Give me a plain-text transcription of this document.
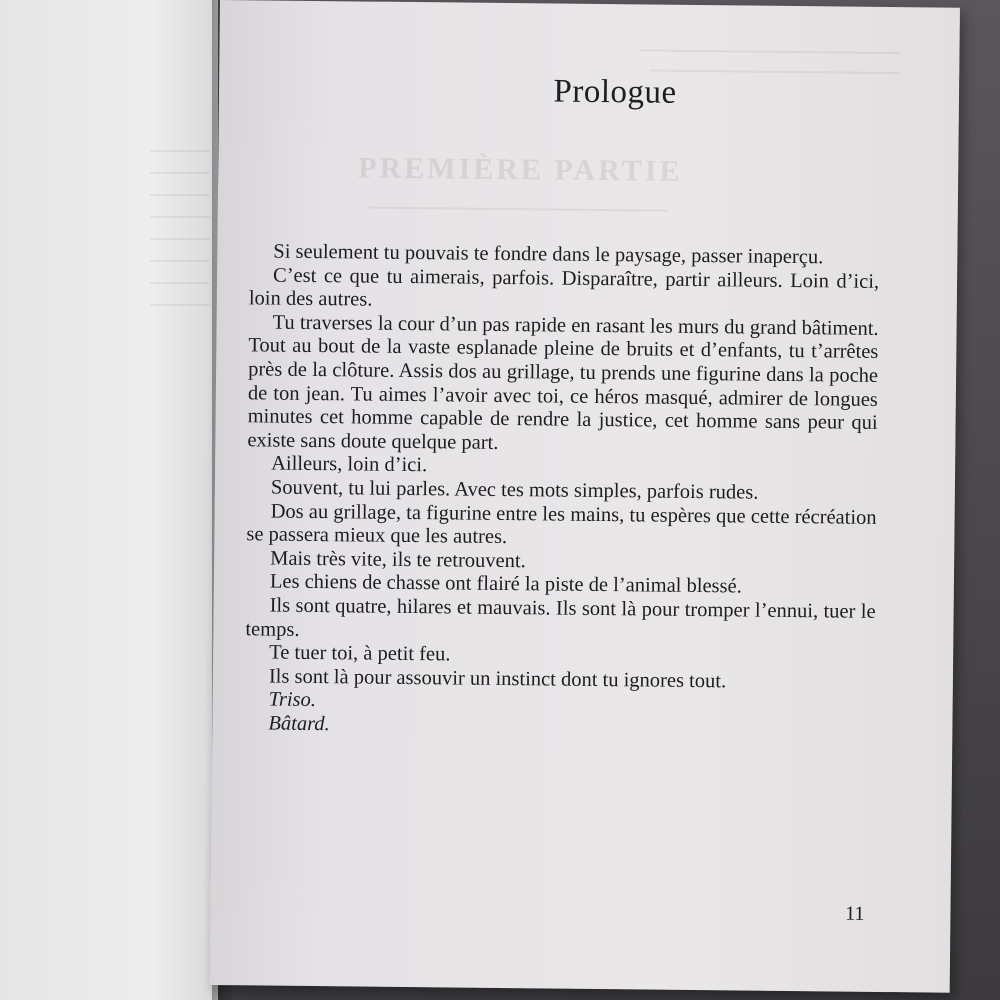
PREMIÈRE PARTIE
Prologue

Si seulement tu pouvais te fondre dans le paysage, passer inaperçu.

C’est ce que tu aimerais, parfois. Disparaître, partir ailleurs. Loin d’ici, loin des autres.

Tu traverses la cour d’un pas rapide en rasant les murs du grand bâtiment. Tout au bout de la vaste esplanade pleine de bruits et d’enfants, tu t’arrêtes près de la clôture. Assis dos au grillage, tu prends une figurine dans la poche de ton jean. Tu aimes l’avoir avec toi, ce héros masqué, admirer de longues minutes cet homme capable de rendre la justice, cet homme sans peur qui existe sans doute quelque part.

Ailleurs, loin d’ici.

Souvent, tu lui parles. Avec tes mots simples, parfois rudes.

Dos au grillage, ta figurine entre les mains, tu espères que cette récréation se passera mieux que les autres.

Mais très vite, ils te retrouvent.

Les chiens de chasse ont flairé la piste de l’animal blessé.

Ils sont quatre, hilares et mauvais. Ils sont là pour tromper l’ennui, tuer le temps.

Te tuer toi, à petit feu.

Ils sont là pour assouvir un instinct dont tu ignores tout.

Triso.

Bâtard.

11
